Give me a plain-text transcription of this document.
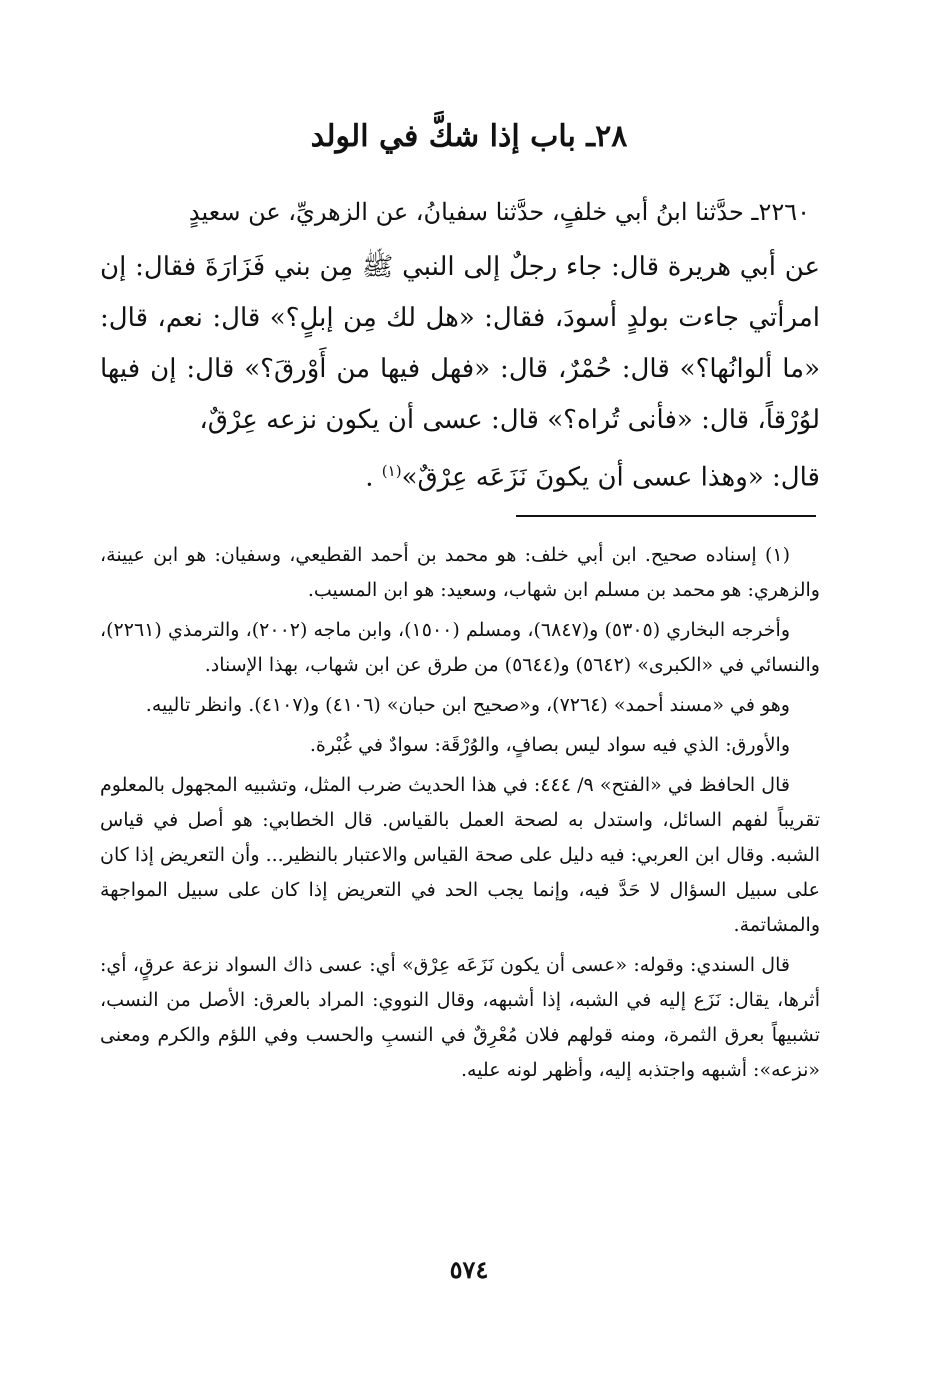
٢٨ـ باب إذا شكَّ في الولد
٢٢٦٠ـ حدَّثنا ابنُ أبي خلفٍ، حدَّثنا سفيانُ، عن الزهريِّ، عن سعيدٍ
عن أبي هريرة قال: جاء رجلٌ إلى النبي ﷺ مِن بني فَزَارَةَ فقال: إن امرأتي جاءت بولدٍ أسودَ، فقال: «هل لك مِن إبلٍ؟» قال: نعم، قال: «ما ألوانُها؟» قال: حُمْرٌ، قال: «فهل فيها من أَوْرقَ؟» قال: إن فيها لوُرْقاً، قال: «فأنى تُراه؟» قال: عسى أن يكون نزعه عِرْقٌ،
قال: «وهذا عسى أن يكونَ نَزَعَه عِرْقٌ»$^{(١)}$ .

(١) إسناده صحيح. ابن أبي خلف: هو محمد بن أحمد القطيعي، وسفيان: هو ابن عيينة، والزهري: هو محمد بن مسلم ابن شهاب، وسعيد: هو ابن المسيب.

وأخرجه البخاري (٥٣٠٥) و(٦٨٤٧)، ومسلم (١٥٠٠)، وابن ماجه (٢٠٠٢)، والترمذي (٢٢٦١)، والنسائي في «الكبرى» (٥٦٤٢) و(٥٦٤٤) من طرق عن ابن شهاب، بهذا الإسناد.

وهو في «مسند أحمد» (٧٢٦٤)، و«صحيح ابن حبان» (٤١٠٦) و(٤١٠٧). وانظر تالييه.

والأورق: الذي فيه سواد ليس بصافٍ، والوُرْقَة: سوادٌ في غُبْرة.

قال الحافظ في «الفتح» ٩/ ٤٤٤: في هذا الحديث ضرب المثل، وتشبيه المجهول بالمعلوم تقريباً لفهم السائل، واستدل به لصحة العمل بالقياس. قال الخطابي: هو أصل في قياس الشبه. وقال ابن العربي: فيه دليل على صحة القياس والاعتبار بالنظير... وأن التعريض إذا كان على سبيل السؤال لا حَدَّ فيه، وإنما يجب الحد في التعريض إذا كان على سبيل المواجهة والمشاتمة.

قال السندي: وقوله: «عسى أن يكون نَزَعَه عِرْق» أي: عسى ذاك السواد نزعة عرقٍ، أي: أثرها، يقال: نَزَع إليه في الشبه، إذا أشبهه، وقال النووي: المراد بالعرق: الأصل من النسب، تشبيهاً بعرق الثمرة، ومنه قولهم فلان مُعْرِقٌ في النسبِ والحسب وفي اللؤم والكرم ومعنى «نزعه»: أشبهه واجتذبه إليه، وأظهر لونه عليه.

٥٧٤
